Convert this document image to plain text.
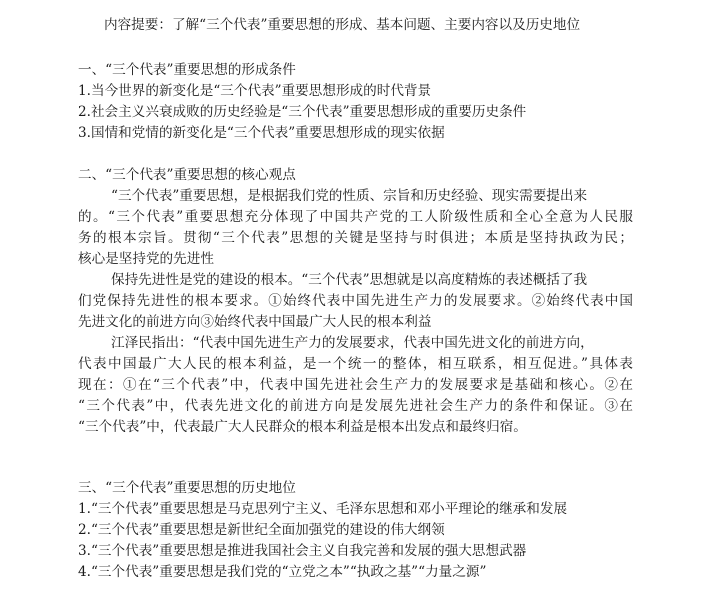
内容提要：了解“三个代表”重要思想的形成、基本问题、主要内容以及历史地位
一、“三个代表”重要思想的形成条件
1.当今世界的新变化是“三个代表”重要思想形成的时代背景
2.社会主义兴衰成败的历史经验是“三个代表”重要思想形成的重要历史条件
3.国情和党情的新变化是“三个代表”重要思想形成的现实依据
二、“三个代表”重要思想的核心观点
“三个代表”重要思想，是根据我们党的性质、宗旨和历史经验、现实需要提出来
的。“三个代表”重要思想充分体现了中国共产党的工人阶级性质和全心全意为人民服
务的根本宗旨。贯彻“三个代表”思想的关键是坚持与时俱进；本质是坚持执政为民；
核心是坚持党的先进性
保持先进性是党的建设的根本。“三个代表”思想就是以高度精炼的表述概括了我
们党保持先进性的根本要求。①始终代表中国先进生产力的发展要求。②始终代表中国
先进文化的前进方向③始终代表中国最广大人民的根本利益
江泽民指出：“代表中国先进生产力的发展要求，代表中国先进文化的前进方向，
代表中国最广大人民的根本利益，是一个统一的整体，相互联系，相互促进。”具体表
现在：①在“三个代表”中，代表中国先进社会生产力的发展要求是基础和核心。②在
“三个代表”中，代表先进文化的前进方向是发展先进社会生产力的条件和保证。③在
“三个代表”中，代表最广大人民群众的根本利益是根本出发点和最终归宿。
三、“三个代表”重要思想的历史地位
1.“三个代表”重要思想是马克思列宁主义、毛泽东思想和邓小平理论的继承和发展
2.“三个代表”重要思想是新世纪全面加强党的建设的伟大纲领
3.“三个代表”重要思想是推进我国社会主义自我完善和发展的强大思想武器
4.“三个代表”重要思想是我们党的“立党之本”“执政之基”“力量之源”
